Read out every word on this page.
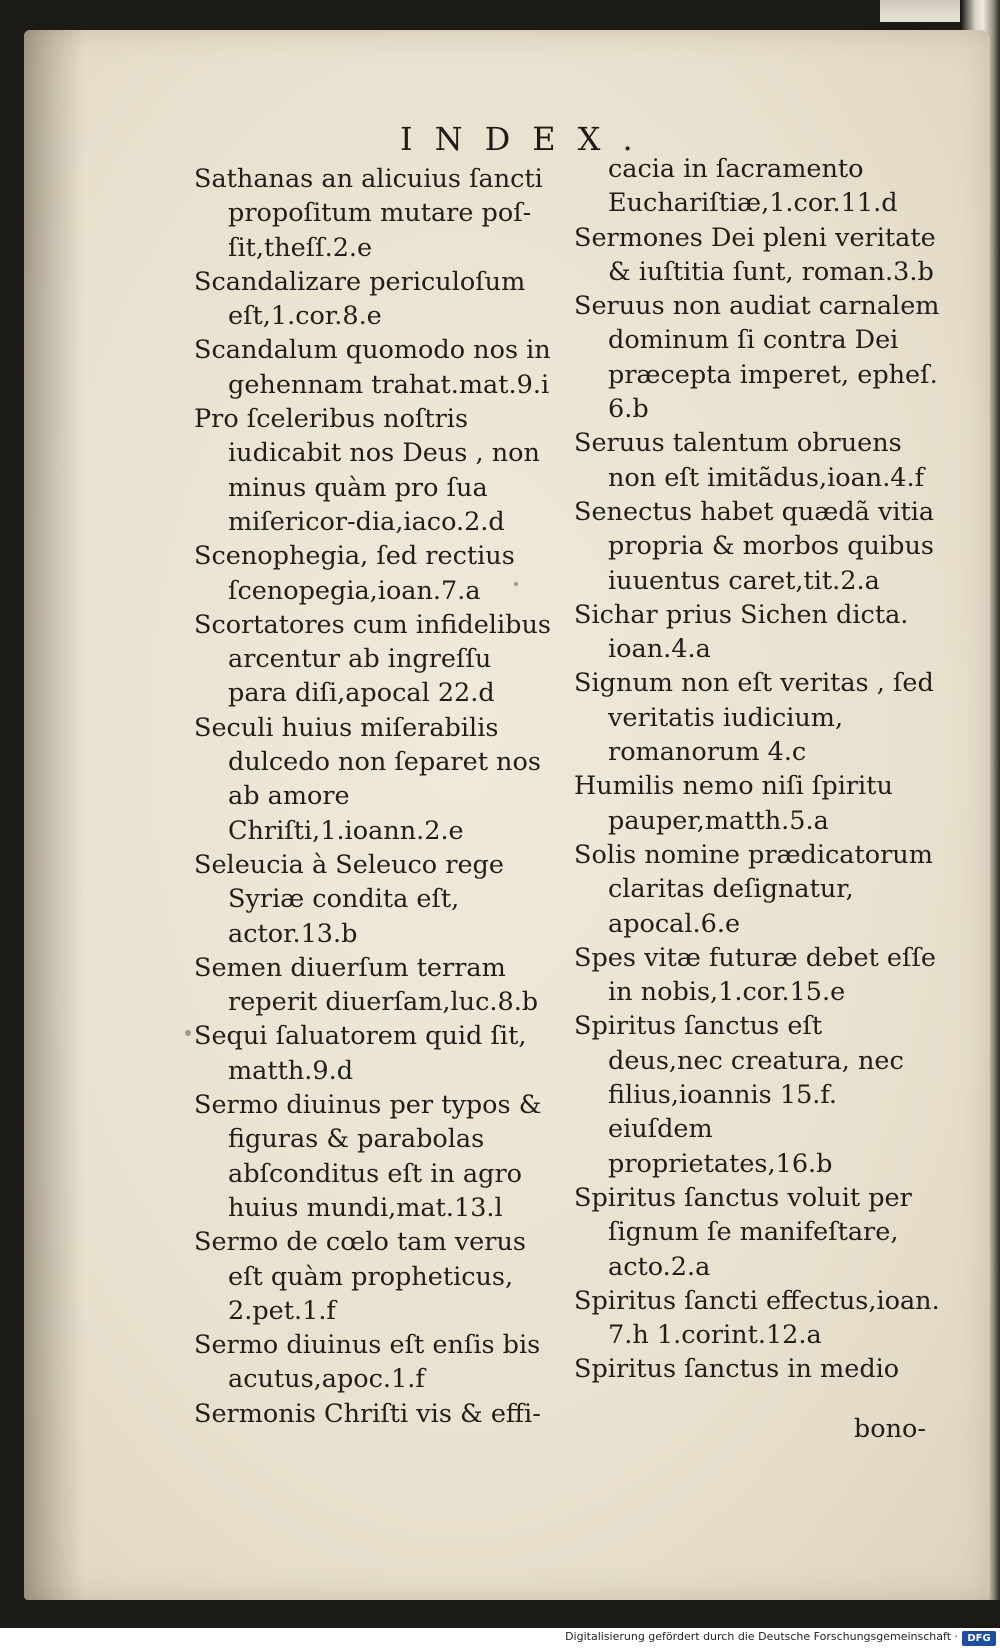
INDEX.

Sathanas an alicuius ſancti propoſitum mutare poſ-ſit,theſſ.2.e

Scandalizare periculoſum eſt,1.cor.8.e

Scandalum quomodo nos in gehennam trahat.mat.9.i

Pro ſceleribus noſtris iudicabit nos Deus , non minus quàm pro ſua miſericor-dia,iaco.2.d

Scenophegia, ſed rectius ſcenopegia,ioan.7.a

Scortatores cum infidelibus arcentur ab ingreſſu para diſi,apocal 22.d

Seculi huius miſerabilis dulcedo non ſeparet nos ab amore Chriſti,1.ioann.2.e

Seleucia à Seleuco rege Syriæ condita eſt, actor.13.b

Semen diuerſum terram reperit diuerſam,luc.8.b

Sequi ſaluatorem quid ſit, matth.9.d

Sermo diuinus per typos & figuras & parabolas abſconditus eſt in agro huius mundi,mat.13.l

Sermo de cœlo tam verus eſt quàm propheticus, 2.pet.1.f

Sermo diuinus eſt enſis bis acutus,apoc.1.f

Sermonis Chriſti vis & effi-

cacia in ſacramento Euchariſtiæ,1.cor.11.d

Sermones Dei pleni veritate & iuſtitia ſunt, roman.3.b

Seruus non audiat carnalem dominum ſi contra Dei præcepta imperet, epheſ. 6.b

Seruus talentum obruens non eſt imitãdus,ioan.4.f

Senectus habet quædã vitia propria & morbos quibus iuuentus caret,tit.2.a

Sichar prius Sichen dicta. ioan.4.a

Signum non eſt veritas , ſed veritatis iudicium, romanorum 4.c

Humilis nemo niſi ſpiritu pauper,matth.5.a

Solis nomine prædicatorum claritas deſignatur, apocal.6.e

Spes vitæ futuræ debet eſſe in nobis,1.cor.15.e

Spiritus ſanctus eſt deus,nec creatura, nec filius,ioannis 15.f. eiuſdem proprietates,16.b

Spiritus ſanctus voluit per ſignum ſe manifeſtare, acto.2.a

Spiritus ſancti effectus,ioan. 7.h 1.corint.12.a

Spiritus ſanctus in medio

bono-

Digitalisierung gefördert durch die Deutsche Forschungsgemeinschaft · DFG
